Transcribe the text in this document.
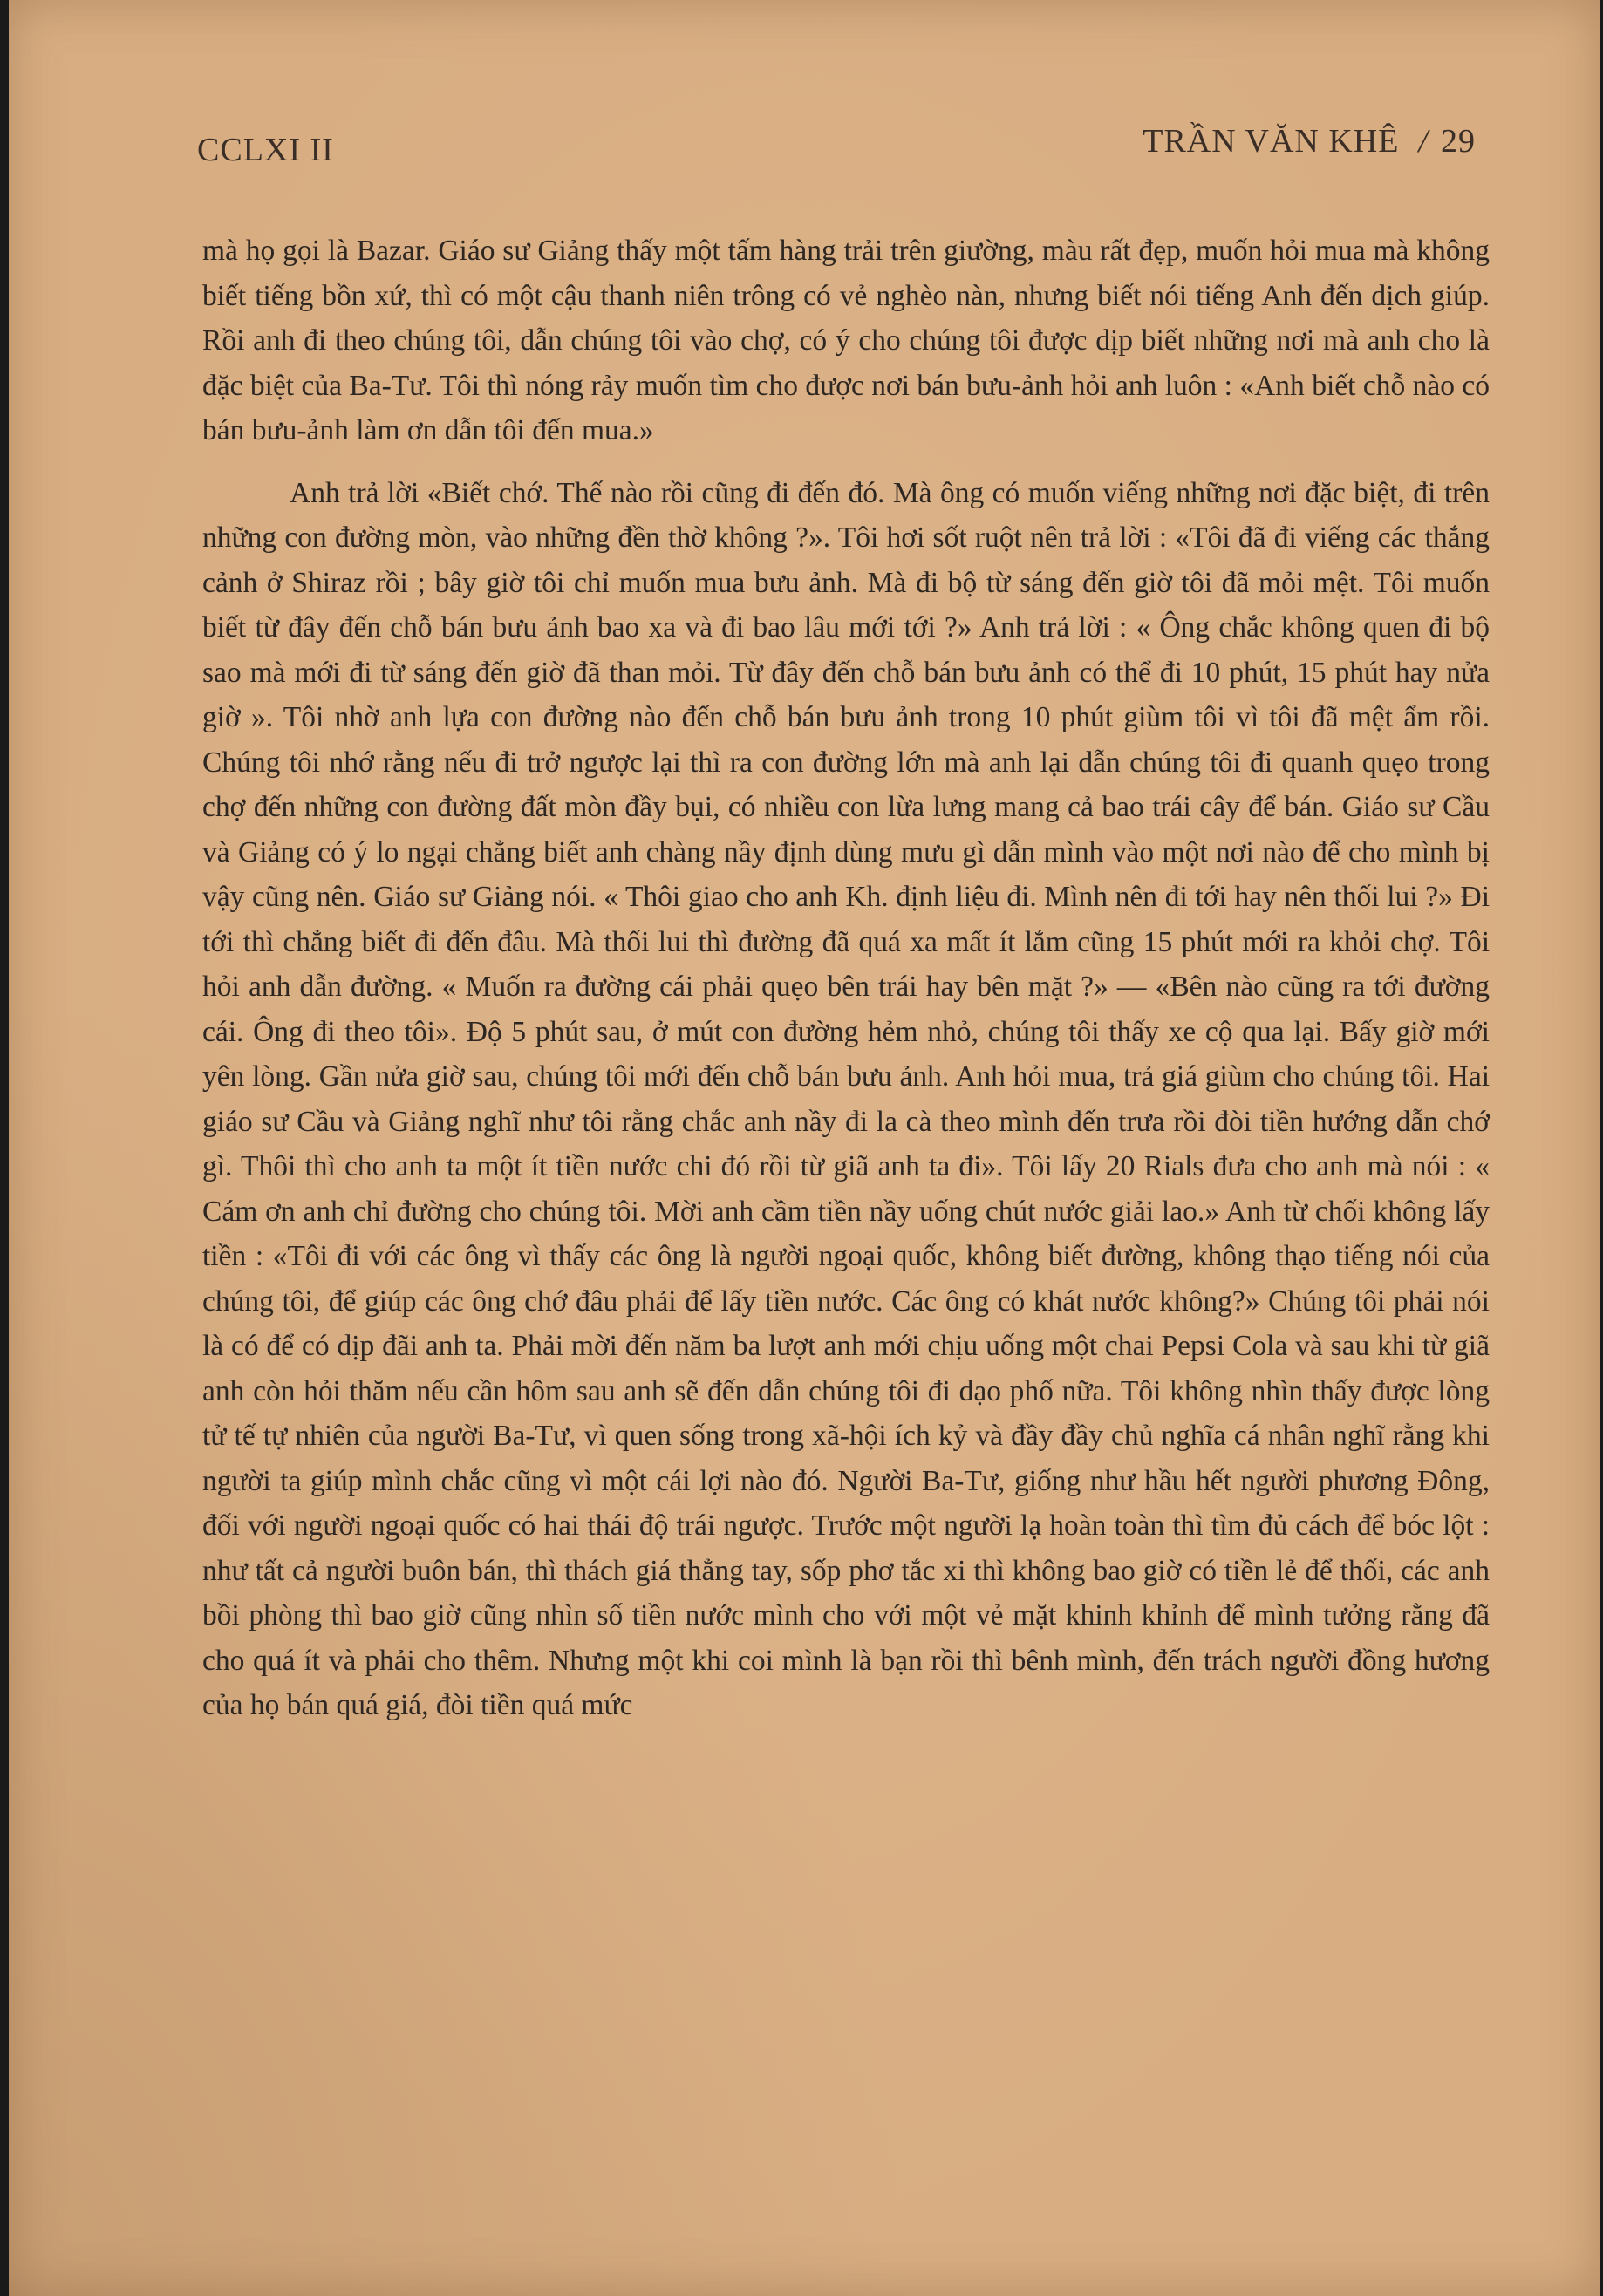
CCLXI II	TRẦN VĂN KHÊ / 29

mà họ gọi là Bazar. Giáo sư Giảng thấy một tấm hàng trải trên giường, màu rất đẹp, muốn hỏi mua mà không biết tiếng bồn xứ, thì có một cậu thanh niên trông có vẻ nghèo nàn, nhưng biết nói tiếng Anh đến dịch giúp. Rồi anh đi theo chúng tôi, dẫn chúng tôi vào chợ, có ý cho chúng tôi được dịp biết những nơi mà anh cho là đặc biệt của Ba-Tư. Tôi thì nóng rảy muốn tìm cho được nơi bán bưu-ảnh hỏi anh luôn : «Anh biết chỗ nào có bán bưu-ảnh làm ơn dẫn tôi đến mua.»

Anh trả lời «Biết chớ. Thế nào rồi cũng đi đến đó. Mà ông có muốn viếng những nơi đặc biệt, đi trên những con đường mòn, vào những đền thờ không ?». Tôi hơi sốt ruột nên trả lời : «Tôi đã đi viếng các thắng cảnh ở Shiraz rồi ; bây giờ tôi chỉ muốn mua bưu ảnh. Mà đi bộ từ sáng đến giờ tôi đã mỏi mệt. Tôi muốn biết từ đây đến chỗ bán bưu ảnh bao xa và đi bao lâu mới tới ?» Anh trả lời : « Ông chắc không quen đi bộ sao mà mới đi từ sáng đến giờ đã than mỏi. Từ đây đến chỗ bán bưu ảnh có thể đi 10 phút, 15 phút hay nửa giờ ». Tôi nhờ anh lựa con đường nào đến chỗ bán bưu ảnh trong 10 phút giùm tôi vì tôi đã mệt ẩm rồi. Chúng tôi nhớ rằng nếu đi trở ngược lại thì ra con đường lớn mà anh lại dẫn chúng tôi đi quanh quẹo trong chợ đến những con đường đất mòn đầy bụi, có nhiều con lừa lưng mang cả bao trái cây để bán. Giáo sư Cầu và Giảng có ý lo ngại chẳng biết anh chàng nầy định dùng mưu gì dẫn mình vào một nơi nào để cho mình bị vậy cũng nên. Giáo sư Giảng nói. « Thôi giao cho anh Kh. định liệu đi. Mình nên đi tới hay nên thối lui ?» Đi tới thì chẳng biết đi đến đâu. Mà thối lui thì đường đã quá xa mất ít lắm cũng 15 phút mới ra khỏi chợ. Tôi hỏi anh dẫn đường. « Muốn ra đường cái phải quẹo bên trái hay bên mặt ?» — «Bên nào cũng ra tới đường cái. Ông đi theo tôi». Độ 5 phút sau, ở mút con đường hẻm nhỏ, chúng tôi thấy xe cộ qua lại. Bấy giờ mới yên lòng. Gần nửa giờ sau, chúng tôi mới đến chỗ bán bưu ảnh. Anh hỏi mua, trả giá giùm cho chúng tôi. Hai giáo sư Cầu và Giảng nghĩ như tôi rằng chắc anh nầy đi la cà theo mình đến trưa rồi đòi tiền hướng dẫn chớ gì. Thôi thì cho anh ta một ít tiền nước chi đó rồi từ giã anh ta đi». Tôi lấy 20 Rials đưa cho anh mà nói : « Cám ơn anh chỉ đường cho chúng tôi. Mời anh cầm tiền nầy uống chút nước giải lao.» Anh từ chối không lấy tiền : «Tôi đi với các ông vì thấy các ông là người ngoại quốc, không biết đường, không thạo tiếng nói của chúng tôi, để giúp các ông chớ đâu phải để lấy tiền nước. Các ông có khát nước không?» Chúng tôi phải nói là có để có dịp đãi anh ta. Phải mời đến năm ba lượt anh mới chịu uống một chai Pepsi Cola và sau khi từ giã anh còn hỏi thăm nếu cần hôm sau anh sẽ đến dẫn chúng tôi đi dạo phố nữa. Tôi không nhìn thấy được lòng tử tế tự nhiên của người Ba-Tư, vì quen sống trong xã-hội ích kỷ và đầy đầy chủ nghĩa cá nhân nghĩ rằng khi người ta giúp mình chắc cũng vì một cái lợi nào đó. Người Ba-Tư, giống như hầu hết người phương Đông, đối với người ngoại quốc có hai thái độ trái ngược. Trước một người lạ hoàn toàn thì tìm đủ cách để bóc lột : như tất cả người buôn bán, thì thách giá thẳng tay, sốp phơ tắc xi thì không bao giờ có tiền lẻ để thối, các anh bồi phòng thì bao giờ cũng nhìn số tiền nước mình cho với một vẻ mặt khinh khỉnh để mình tưởng rằng đã cho quá ít và phải cho thêm. Nhưng một khi coi mình là bạn rồi thì bênh mình, đến trách người đồng hương của họ bán quá giá, đòi tiền quá mức
